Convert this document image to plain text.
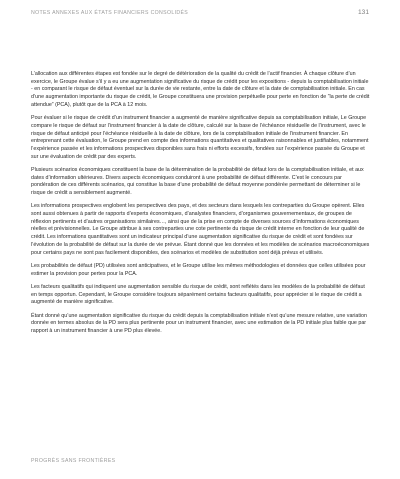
NOTES ANNEXES AUX ÉTATS FINANCIERS CONSOLIDÉS	131

L’allocation aux différentes étapes est fondée sur le degré de détérioration de la qualité du crédit de l’actif financier. À chaque clôture d’un exercice, le Groupe évalue s’il y a eu une augmentation significative du risque de crédit pour les expositions - depuis la comptabilisation initiale - en comparant le risque de défaut éventuel sur la durée de vie restante, entre la date de clôture et la date de comptabilisation initiale. En cas d’une augmentation importante du risque de crédit, le Groupe constituera une provision perpétuelle pour perte en fonction de “la perte de crédit attendue” (PCA), plutôt que de la PCA à 12 mois.

Pour évaluer si le risque de crédit d’un instrument financier a augmenté de manière significative depuis sa comptabilisation initiale, Le Groupe compare le risque de défaut sur l’instrument financier à la date de clôture, calculé sur la base de l’échéance résiduelle de l’instrument, avec le risque de défaut anticipé pour l’échéance résiduelle à la date de clôture, lors de la comptabilisation initiale de l’instrument financier. En entreprenant cette évaluation, le Groupe prend en compte des informations quantitatives et qualitatives raisonnables et justifiables, notamment l’expérience passée et les informations prospectives disponibles sans frais ni efforts excessifs, fondées sur l’expérience passée du Groupe et sur une évaluation de crédit par des experts.

Plusieurs scénarios économiques constituent la base de la détermination de la probabilité de défaut lors de la comptabilisation initiale, et aux dates d’information ultérieures. Divers aspects économiques conduiront à une probabilité de défaut différente. C’est le concours par pondération de ces différents scénarios, qui constitue la base d’une probabilité de défaut moyenne pondérée permettant de déterminer si le risque de crédit a sensiblement augmenté.

Les informations prospectives englobent les perspectives des pays, et des secteurs dans lesquels les contreparties du Groupe opèrent. Elles sont aussi obtenues à partir de rapports d’experts économiques, d’analystes financiers, d’organismes gouvernementaux, de groupes de réflexion pertinents et d’autres organisations similaires…, ainsi que de la prise en compte de diverses sources d’informations économiques réelles et prévisionnelles. Le Groupe attribue à ses contreparties une cote pertinente du risque de crédit interne en fonction de leur qualité de crédit. Les informations quantitatives sont un indicateur principal d’une augmentation significative du risque de crédit et sont fondées sur l’évolution de la probabilité de défaut sur la durée de vie prévue. Étant donné que les données et les modèles de scénarios macroéconomiques pour certains pays ne sont pas facilement disponibles, des scénarios et modèles de substitution sont déjà prévus et utilisés.

Les probabilités de défaut (PD) utilisées sont anticipatives, et le Groupe utilise les mêmes méthodologies et données que celles utilisées pour estimer la provision pour pertes pour la PCA.

Les facteurs qualitatifs qui indiquent une augmentation sensible du risque de crédit, sont reflétés dans les modèles de la probabilité de défaut en temps opportun. Cependant, le Groupe considère toujours séparément certains facteurs qualitatifs, pour apprécier si le risque de crédit a augmenté de manière significative.

Étant donné qu’une augmentation significative du risque du crédit depuis la comptabilisation initiale n’est qu’une mesure relative, une variation donnée en termes absolus de la PD sera plus pertinente pour un instrument financier, avec une estimation de la PD initiale plus faible que par rapport à un instrument financier à une PD plus élevée.

PROGRÈS SANS FRONTIÈRES
